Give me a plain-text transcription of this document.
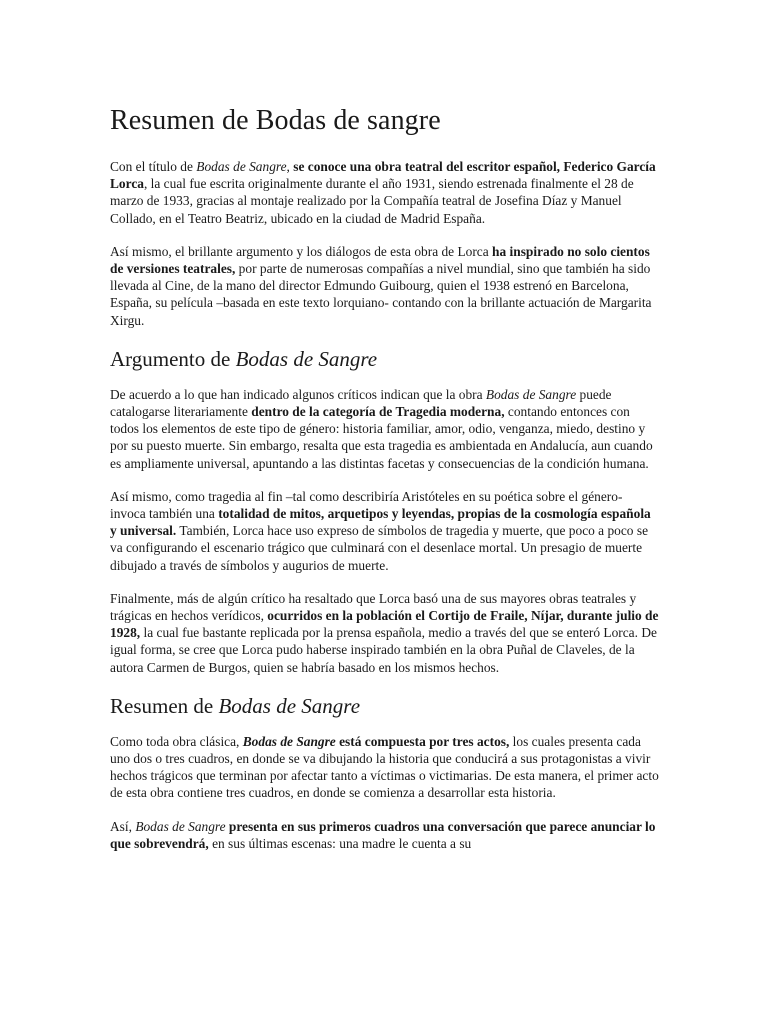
Resumen de Bodas de sangre

Con el título de Bodas de Sangre, se conoce una obra teatral del escritor español, Federico García Lorca, la cual fue escrita originalmente durante el año 1931, siendo estrenada finalmente el 28 de marzo de 1933, gracias al montaje realizado por la Compañía teatral de Josefina Díaz y Manuel Collado, en el Teatro Beatriz, ubicado en la ciudad de Madrid España.

Así mismo, el brillante argumento y los diálogos de esta obra de Lorca ha inspirado no solo cientos de versiones teatrales, por parte de numerosas compañías a nivel mundial, sino que también ha sido llevada al Cine, de la mano del director Edmundo Guibourg, quien el 1938 estrenó en Barcelona, España, su película –basada en este texto lorquiano- contando con la brillante actuación de Margarita Xirgu.

Argumento de Bodas de Sangre

De acuerdo a lo que han indicado algunos críticos indican que la obra Bodas de Sangre puede catalogarse literariamente dentro de la categoría de Tragedia moderna, contando entonces con todos los elementos de este tipo de género: historia familiar, amor, odio, venganza, miedo, destino y por su puesto muerte. Sin embargo, resalta que esta tragedia es ambientada en Andalucía, aun cuando es ampliamente universal, apuntando a las distintas facetas y consecuencias de la condición humana.

Así mismo, como tragedia al fin –tal como describiría Aristóteles en su poética sobre el género- invoca también una totalidad de mitos, arquetipos y leyendas, propias de la cosmología española y universal. También, Lorca hace uso expreso de símbolos de tragedia y muerte, que poco a poco se va configurando el escenario trágico que culminará con el desenlace mortal. Un presagio de muerte dibujado a través de símbolos y augurios de muerte.

Finalmente, más de algún crítico ha resaltado que Lorca basó una de sus mayores obras teatrales y trágicas en hechos verídicos, ocurridos en la población el Cortijo de Fraile, Níjar, durante julio de 1928, la cual fue bastante replicada por la prensa española, medio a través del que se enteró Lorca. De igual forma, se cree que Lorca pudo haberse inspirado también en la obra Puñal de Claveles, de la autora Carmen de Burgos, quien se habría basado en los mismos hechos.

Resumen de Bodas de Sangre

Como toda obra clásica, Bodas de Sangre está compuesta por tres actos, los cuales presenta cada uno dos o tres cuadros, en donde se va dibujando la historia que conducirá a sus protagonistas a vivir hechos trágicos que terminan por afectar tanto a víctimas o victimarias. De esta manera, el primer acto de esta obra contiene tres cuadros, en donde se comienza a desarrollar esta historia.

Así, Bodas de Sangre presenta en sus primeros cuadros una conversación que parece anunciar lo que sobrevendrá, en sus últimas escenas: una madre le cuenta a su
